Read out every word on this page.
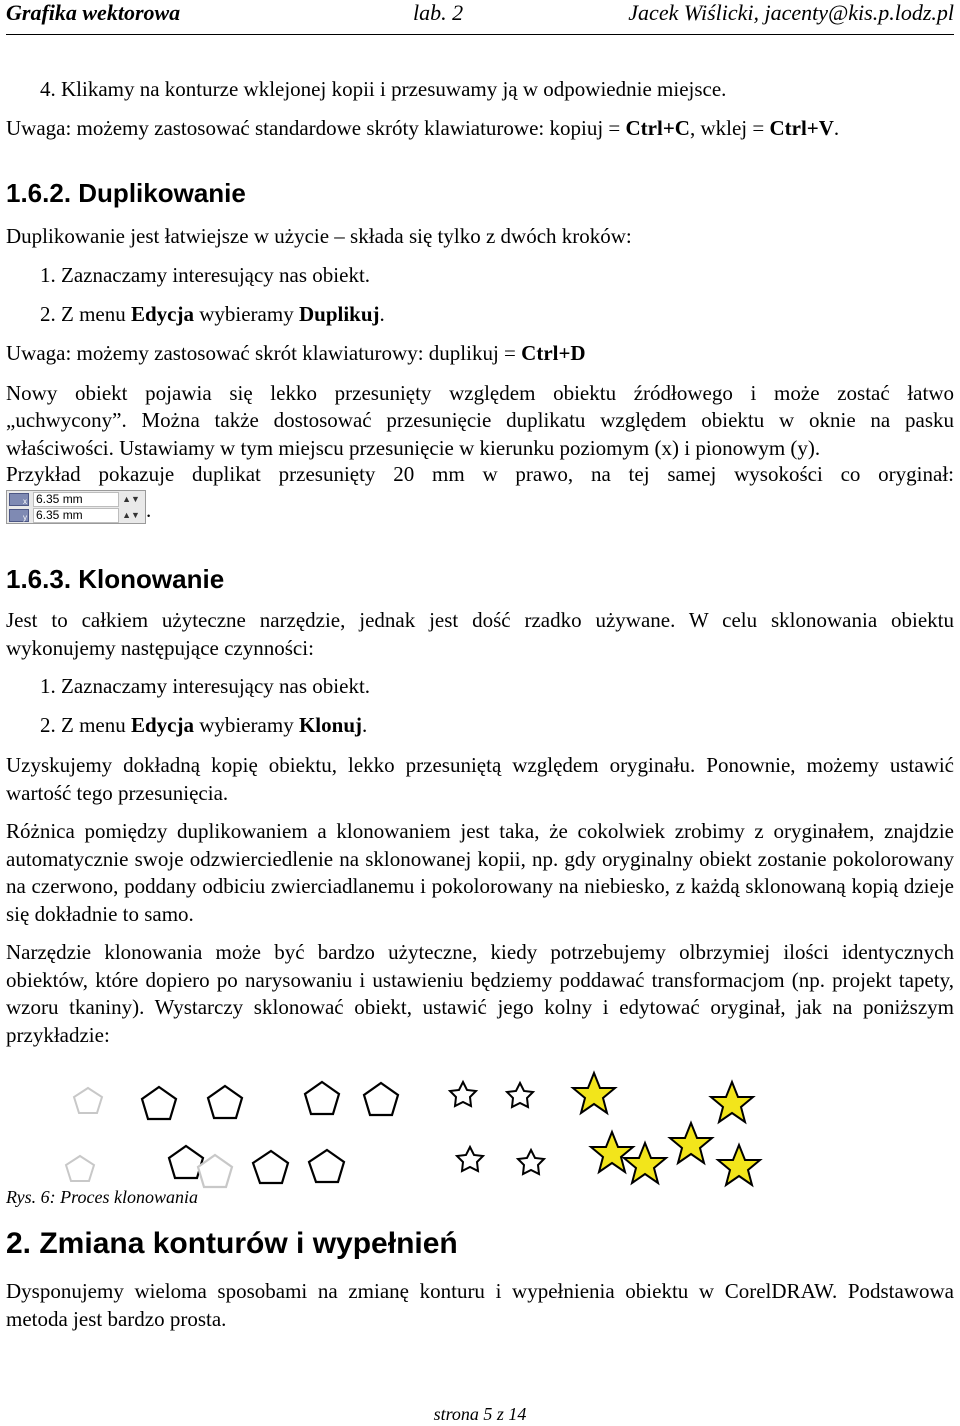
Grafika wektorowa	lab. 2	Jacek Wiślicki, jacenty@kis.p.lodz.pl
4. Klikamy na konturze wklejonej kopii i przesuwamy ją w odpowiednie miejsce.
Uwaga: możemy zastosować standardowe skróty klawiaturowe: kopiuj = Ctrl+C, wklej = Ctrl+V.
1.6.2. Duplikowanie
Duplikowanie jest łatwiejsze w użycie – składa się tylko z dwóch kroków:
1. Zaznaczamy interesujący nas obiekt.
2. Z menu Edycja wybieramy Duplikuj.
Uwaga: możemy zastosować skrót klawiaturowy: duplikuj = Ctrl+D
Nowy obiekt pojawia się lekko przesunięty względem obiektu źródłowego i może zostać łatwo
„uchwycony”. Można także dostosować przesunięcie duplikatu względem obiektu w oknie na pasku właściwości. Ustawiamy w tym miejscu przesunięcie w kierunku poziomym (x) i pionowym (y).
Przykład pokazuje duplikat przesunięty 20 mm w prawo, na tej samej wysokości co oryginał:
x 6.35 mm	▲▼
y 6.35 mm	▲▼ .
1.6.3. Klonowanie
Jest to całkiem użyteczne narzędzie, jednak jest dość rzadko używane. W celu sklonowania obiektu wykonujemy następujące czynności:
1. Zaznaczamy interesujący nas obiekt.
2. Z menu Edycja wybieramy Klonuj.
Uzyskujemy dokładną kopię obiektu, lekko przesuniętą względem oryginału. Ponownie, możemy ustawić wartość tego przesunięcia.
Różnica pomiędzy duplikowaniem a klonowaniem jest taka, że cokolwiek zrobimy z oryginałem, znajdzie automatycznie swoje odzwierciedlenie na sklonowanej kopii, np. gdy oryginalny obiekt zostanie pokolorowany na czerwono, poddany odbiciu zwierciadlanemu i pokolorowany na niebiesko, z każdą sklonowaną kopią dzieje się dokładnie to samo.
Narzędzie klonowania może być bardzo użyteczne, kiedy potrzebujemy olbrzymiej ilości identycznych obiektów, które dopiero po narysowaniu i ustawieniu będziemy poddawać transformacjom (np. projekt tapety, wzoru tkaniny). Wystarczy sklonować obiekt, ustawić jego kolny i edytować oryginał, jak na poniższym przykładzie:
Rys. 6: Proces klonowania
2. Zmiana konturów i wypełnień
Dysponujemy wieloma sposobami na zmianę konturu i wypełnienia obiektu w CorelDRAW. Podstawowa metoda jest bardzo prosta.
strona 5 z 14
